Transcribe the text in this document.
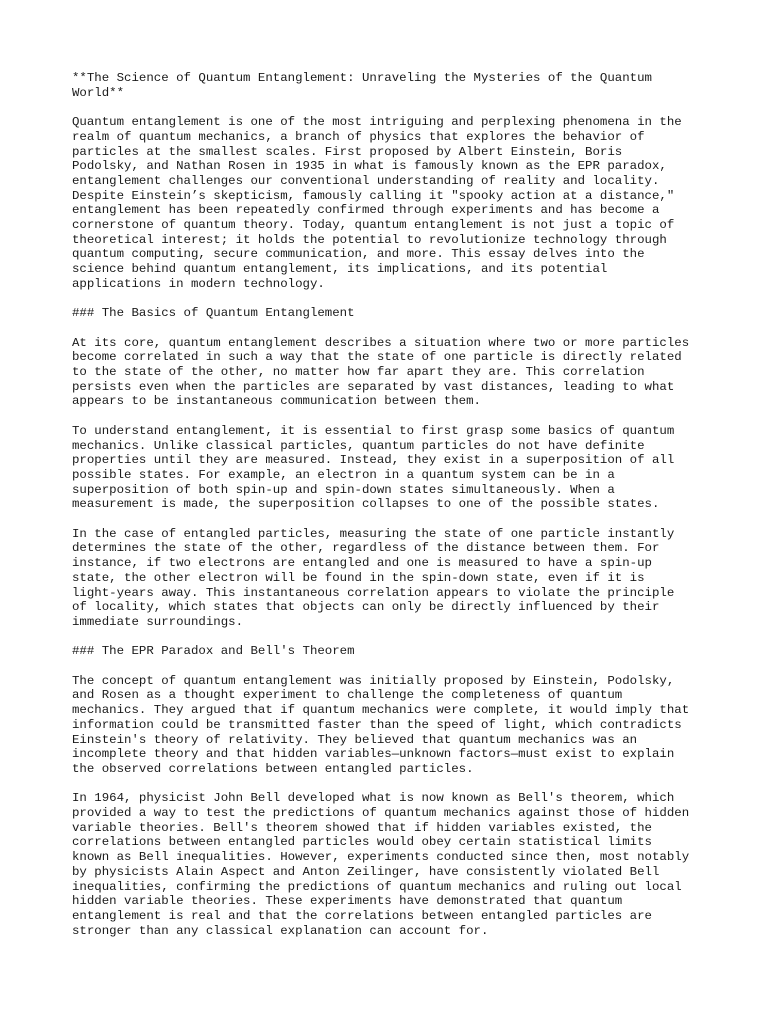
**The Science of Quantum Entanglement: Unraveling the Mysteries of the Quantum
World**

Quantum entanglement is one of the most intriguing and perplexing phenomena in the
realm of quantum mechanics, a branch of physics that explores the behavior of
particles at the smallest scales. First proposed by Albert Einstein, Boris
Podolsky, and Nathan Rosen in 1935 in what is famously known as the EPR paradox,
entanglement challenges our conventional understanding of reality and locality.
Despite Einstein’s skepticism, famously calling it "spooky action at a distance,"
entanglement has been repeatedly confirmed through experiments and has become a
cornerstone of quantum theory. Today, quantum entanglement is not just a topic of
theoretical interest; it holds the potential to revolutionize technology through
quantum computing, secure communication, and more. This essay delves into the
science behind quantum entanglement, its implications, and its potential
applications in modern technology.

### The Basics of Quantum Entanglement

At its core, quantum entanglement describes a situation where two or more particles
become correlated in such a way that the state of one particle is directly related
to the state of the other, no matter how far apart they are. This correlation
persists even when the particles are separated by vast distances, leading to what
appears to be instantaneous communication between them.

To understand entanglement, it is essential to first grasp some basics of quantum
mechanics. Unlike classical particles, quantum particles do not have definite
properties until they are measured. Instead, they exist in a superposition of all
possible states. For example, an electron in a quantum system can be in a
superposition of both spin-up and spin-down states simultaneously. When a
measurement is made, the superposition collapses to one of the possible states.

In the case of entangled particles, measuring the state of one particle instantly
determines the state of the other, regardless of the distance between them. For
instance, if two electrons are entangled and one is measured to have a spin-up
state, the other electron will be found in the spin-down state, even if it is
light-years away. This instantaneous correlation appears to violate the principle
of locality, which states that objects can only be directly influenced by their
immediate surroundings.

### The EPR Paradox and Bell's Theorem

The concept of quantum entanglement was initially proposed by Einstein, Podolsky,
and Rosen as a thought experiment to challenge the completeness of quantum
mechanics. They argued that if quantum mechanics were complete, it would imply that
information could be transmitted faster than the speed of light, which contradicts
Einstein's theory of relativity. They believed that quantum mechanics was an
incomplete theory and that hidden variables—unknown factors—must exist to explain
the observed correlations between entangled particles.

In 1964, physicist John Bell developed what is now known as Bell's theorem, which
provided a way to test the predictions of quantum mechanics against those of hidden
variable theories. Bell's theorem showed that if hidden variables existed, the
correlations between entangled particles would obey certain statistical limits
known as Bell inequalities. However, experiments conducted since then, most notably
by physicists Alain Aspect and Anton Zeilinger, have consistently violated Bell
inequalities, confirming the predictions of quantum mechanics and ruling out local
hidden variable theories. These experiments have demonstrated that quantum
entanglement is real and that the correlations between entangled particles are
stronger than any classical explanation can account for.
